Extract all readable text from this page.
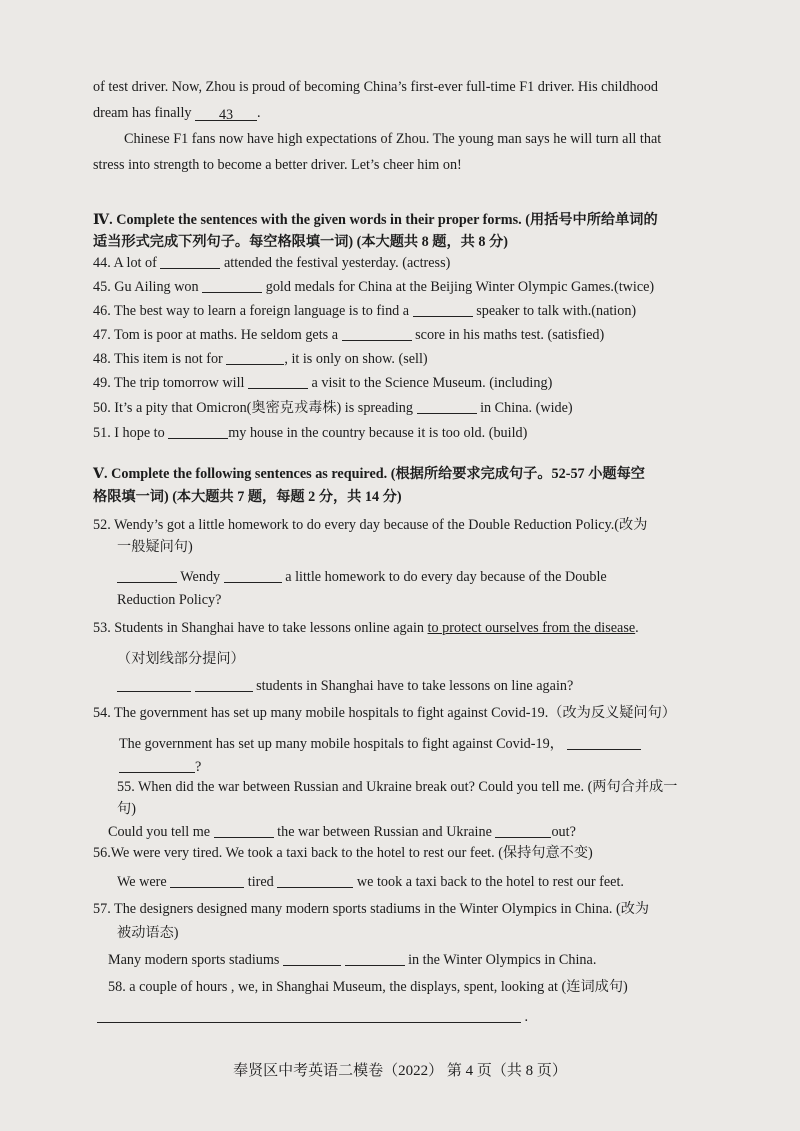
of test driver. Now, Zhou is proud of becoming China’s first-ever full-time F1 driver. His childhood
dream has finally 43 .
Chinese F1 fans now have high expectations of Zhou. The young man says he will turn all that
stress into strength to become a better driver. Let’s cheer him on!
Ⅳ. Complete the sentences with the given words in their proper forms. (用括号中所给单词的
适当形式完成下列句子。每空格限填一词) (本大题共 8 题，共 8 分)
44. A lot of	attended the festival yesterday. (actress)
45. Gu Ailing won	gold medals for China at the Beijing Winter Olympic Games.(twice)
46. The best way to learn a foreign language is to find a	speaker to talk with.(nation)
47. Tom is poor at maths. He seldom gets a	score in his maths test. (satisfied)
48. This item is not for	, it is only on show. (sell)
49. The trip tomorrow will	a visit to the Science Museum. (including)
50. It’s a pity that Omicron(奥密克戎毒株) is spreading	in China. (wide)
51. I hope to	my house in the country because it is too old. (build)
Ⅴ. Complete the following sentences as required. (根据所给要求完成句子。52-57 小题每空
格限填一词) (本大题共 7 题，每题 2 分，共 14 分)
52. Wendy’s got a little homework to do every day because of the Double Reduction Policy.(改为
一般疑问句)
Wendy	a little homework to do every day because of the Double
Reduction Policy?
53. Students in Shanghai have to take lessons online again to protect ourselves from the disease.
（对划线部分提问）
students in Shanghai have to take lessons on line again?
54. The government has set up many mobile hospitals to fight against Covid-19.（改为反义疑问句）
The government has set up many mobile hospitals to fight against Covid-19，
?
55. When did the war between Russian and Ukraine break out? Could you tell me. (两句合并成一
句)
Could you tell me	the war between Russian and Ukraine	out?
56.We were very tired. We took a taxi back to the hotel to rest our feet. (保持句意不变)
We were	tired	we took a taxi back to the hotel to rest our feet.
57. The designers designed many modern sports stadiums in the Winter Olympics in China. (改为
被动语态)
Many modern sports stadiums	in the Winter Olympics in China.
58. a couple of hours , we, in Shanghai Museum, the displays, spent, looking at (连词成句)
.
奉贤区中考英语二模卷（2022） 第 4 页（共 8 页）
